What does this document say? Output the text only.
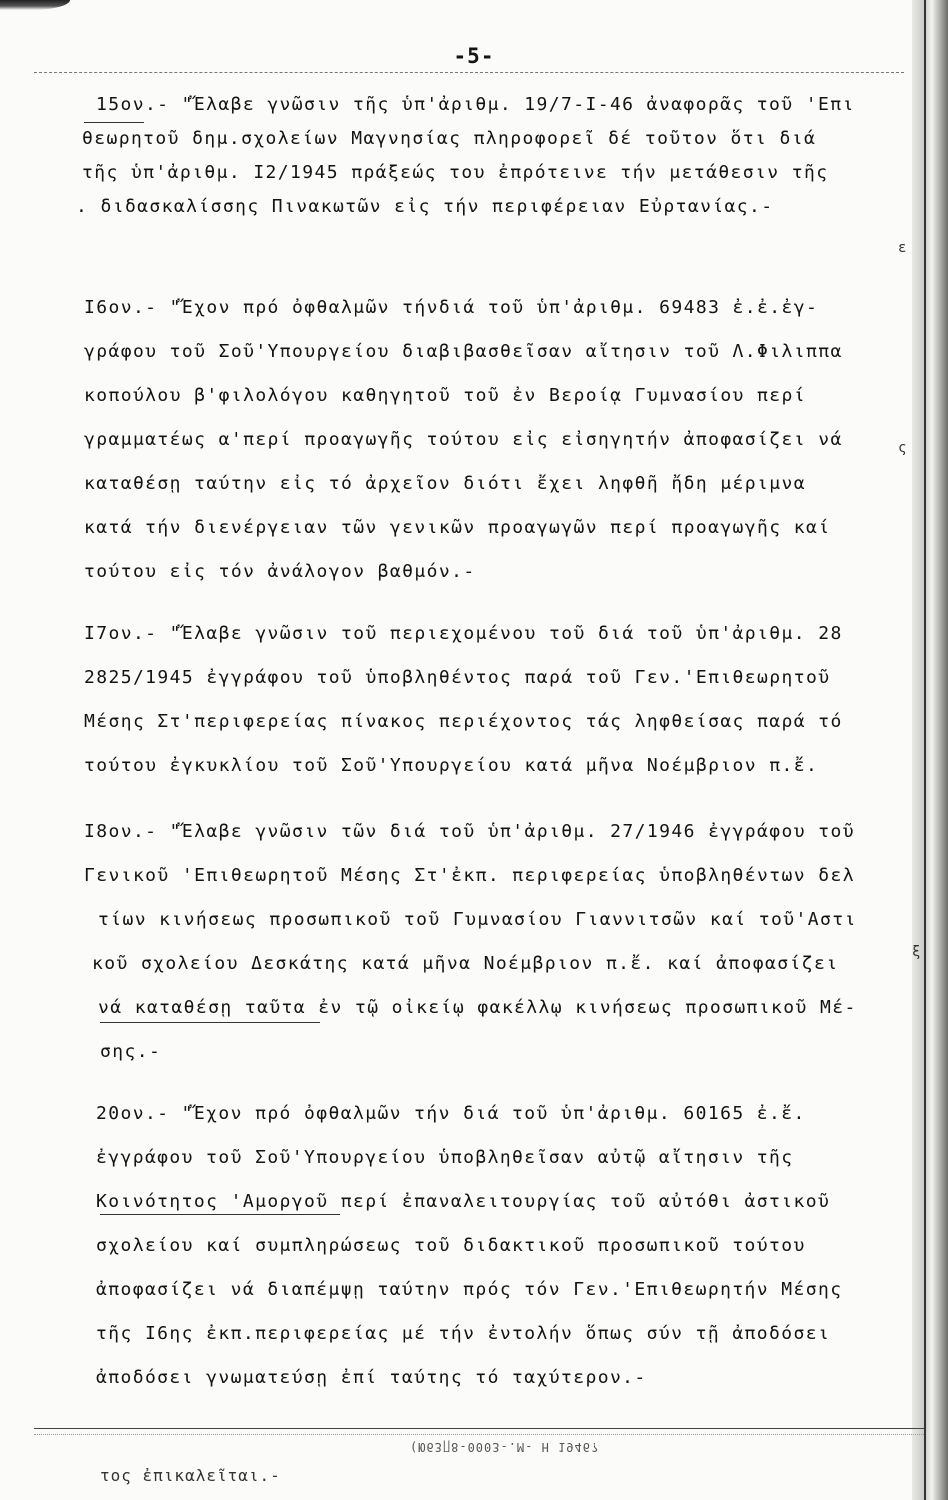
-5-
15ον.- "Ἔλαβε γνῶσιν τῆς ὑπ'ἀριθμ. 19/7-I-46 ἀναφορᾶς τοῦ 'Επι
θεωρητοῦ δημ.σχολείων Μαγνησίας πληροφορεῖ δέ τοῦτον ὅτι διά
τῆς ὑπ'ἀριθμ. I2/1945 πράξεώς του ἐπρότεινε τήν μετάθεσιν τῆς
. διδασκαλίσσης Πινακωτῶν εἰς τήν περιφέρειαν Εὐρτανίας.-
ε
I6ον.- "Ἔχον πρό ὀφθαλμῶν τήνδιά τοῦ ὑπ'ἀριθμ. 69483 ἐ.ἐ.ἐγ-
γράφου τοῦ Σοῦ'Υπουργείου διαβιβασθεῖσαν αἴτησιν τοῦ Λ.Φιλιππα
κοπούλου β'φιλολόγου καθηγητοῦ τοῦ ἐν Βεροίᾳ Γυμνασίου περί
γραμματέως α'περί προαγωγῆς τούτου εἰς εἰσηγητήν ἀποφασίζει νά
καταθέσῃ ταύτην εἰς τό ἀρχεῖον διότι ἔχει ληφθῆ ἤδη μέριμνα
κατά τήν διενέργειαν τῶν γενικῶν προαγωγῶν περί προαγωγῆς καί
τούτου εἰς τόν ἀνάλογον βαθμόν.-
ς
I7ον.- "Ἔλαβε γνῶσιν τοῦ περιεχομένου τοῦ διά τοῦ ὑπ'ἀριθμ. 28
2825/1945 ἐγγράφου τοῦ ὑποβληθέντος παρά τοῦ Γεν.'Επιθεωρητοῦ
Μέσης Στ'περιφερείας πίνακος περιέχοντος τάς ληφθείσας παρά τό
τούτου ἐγκυκλίου τοῦ Σοῦ'Υπουργείου κατά μῆνα Νοέμβριον π.ἔ.
I8ον.- "Ἔλαβε γνῶσιν τῶν διά τοῦ ὑπ'ἀριθμ. 27/1946 ἐγγράφου τοῦ
Γενικοῦ 'Επιθεωρητοῦ Μέσης Στ'ἐκπ. περιφερείας ὑποβληθέντων δελ
τίων κινήσεως προσωπικοῦ τοῦ Γυμνασίου Γιαννιτσῶν καί τοῦ'Αστι
κοῦ σχολείου Δεσκάτης κατά μῆνα Νοέμβριον π.ἔ. καί ἀποφασίζει
νά καταθέσῃ ταῦτα ἐν τῷ οἰκείῳ φακέλλῳ κινήσεως προσωπικοῦ Μέ-
σης.-
ξ
20ον.- "Ἔχον πρό ὀφθαλμῶν τήν διά τοῦ ὑπ'ἀριθμ. 60165 ἐ.ἔ.
ἐγγράφου τοῦ Σοῦ'Υπουργείου ὑποβληθεῖσαν αὐτῷ αἴτησιν τῆς
Κοινότητος 'Αμοργοῦ περί ἐπαναλειτουργίας τοῦ αὐτόθι ἀστικοῦ
σχολείου καί συμπληρώσεως τοῦ διδακτικοῦ προσωπικοῦ τούτου
ἀποφασίζει νά διαπέμψῃ ταύτην πρός τόν Γεν.'Επιθεωρητήν Μέσης
τῆς I6ης ἐκπ.περιφερείας μέ τήν ἐντολήν ὅπως σύν τῇ ἀποδόσει
ἀποδόσει γνωματεύσῃ ἐπί ταύτης τό ταχύτερον.-
(Ю63∏8-0003-.M- H 1946?
τος ἐπικαλεῖται.-
